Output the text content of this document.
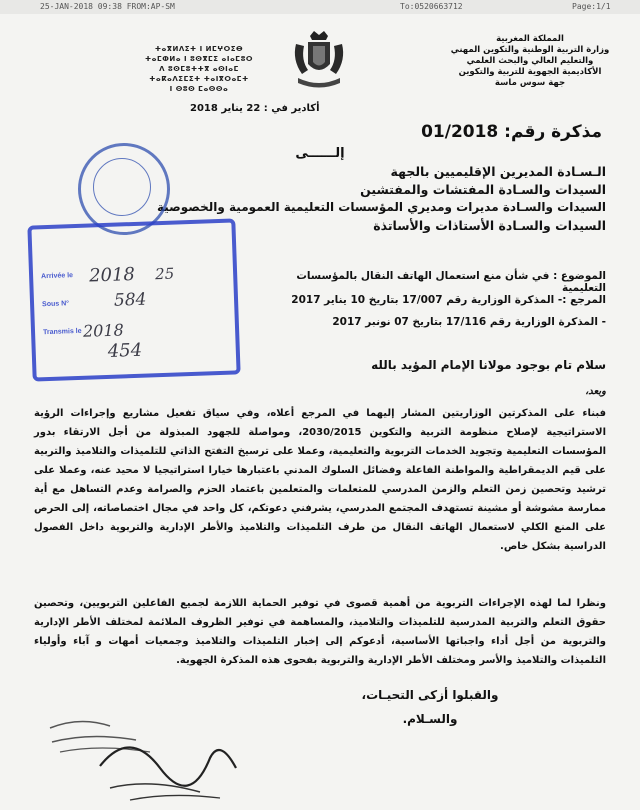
25-JAN-2018 09:38 FROM:AP-SM	To:0520663712	Page:1/1
المملكة المغربية
وزارة التربية الوطنية والتكوين المهني
والتعليم العالي والبحث العلمي
الأكاديمية الجهوية للتربية والتكوين
جهة سوس ماسة
ⵜⴰⴳⵍⴷⵉⵜ ⵏ ⵍⵎⵖⵔⵉⴱ
ⵜⴰⵎⵀⵍⴰ ⵏ ⵓⵙⴳⵎⵉ ⴰⵏⴰⵎⵓⵔ
ⴷ ⵓⵙⵎⵓⵜⵜⴳ ⴰⵙⵏⴰⵎ
ⵜⴰⴽⴰⴷⵉⵎⵉⵜ ⵜⴰⵏⴳⵔⴰⵎⵜ
ⵏ ⵙⵓⵙ ⵎⴰⵙⵙⴰ
أكادير في : 22 يناير 2018
مذكرة رقم: 01/2018
إلــــــى
الـسـادة المديرين الإقليميين بالجهة
السيدات والسـادة المفتشات والمفتشين
السيدات والسـادة مديرات ومديري المؤسسات التعليمية العمومية والخصوصية
السيدات والسـادة الأستاذات والأساتذة
Arrivée le 2018 25
Sous N°	584
Transmis le 2018
454
الموضوع : في شأن منع استعمال الهاتف النقال بالمؤسسات التعليمية
المرجع :- المذكرة الوزارية رقم 17/007 بتاريخ 10 يناير 2017
- المذكرة الوزارية رقم 17/116 بتاريخ 07 نونبر 2017
سلام تام بوجود مولانا الإمام المؤيد بالله
وبعد،
فبناء على المذكرتين الوزاريتين المشار إليهما في المرجع أعلاه، وفي سياق تفعيل مشاريع وإجراءات الرؤية الاستراتيجية لإصلاح منظومة التربية والتكوين 2030/2015، ومواصلة للجهود المبذولة من أجل الارتقاء بدور المؤسسات التعليمية وتجويد الخدمات التربوية والتعليمية، وعملا على ترسيخ التفتح الذاتي للتلميذات والتلاميذ والتربية على قيم الديمقراطية والمواطنة الفاعلة وفضائل السلوك المدني باعتبارها خيارا استراتيجيا لا محيد عنه، وعملا على ترشيد وتحصين زمن التعلم والزمن المدرسي للمتعلمات والمتعلمين باعتماد الحزم والصرامة وعدم التساهل مع أية ممارسة مشوشة أو مشينة تستهدف المجتمع المدرسي، يشرفني دعوتكم، كل واحد في مجال اختصاصاته، إلى الحرص على المنع الكلي لاستعمال الهاتف النقال من طرف التلميذات والتلاميذ والأطر الإدارية والتربوية داخل الفصول الدراسية بشكل خاص.
ونظرا لما لهذه الإجراءات التربوية من أهمية قصوى في توفير الحماية اللازمة لجميع الفاعلين التربويين، وتحصين حقوق التعلم والتربية المدرسية للتلميذات والتلاميذ، والمساهمة في توفير الظروف الملائمة لمختلف الأطر الإدارية والتربوية من أجل أداء واجباتها الأساسية، أدعوكم إلى إخبار التلميذات والتلاميذ وجمعيات أمهات و آباء وأولياء التلميذات والتلاميذ والأسر ومختلف الأطر الإدارية والتربوية بفحوى هذه المذكرة الجهوية.
والقبلوا أزكى التحيـات،
والسـلام.
